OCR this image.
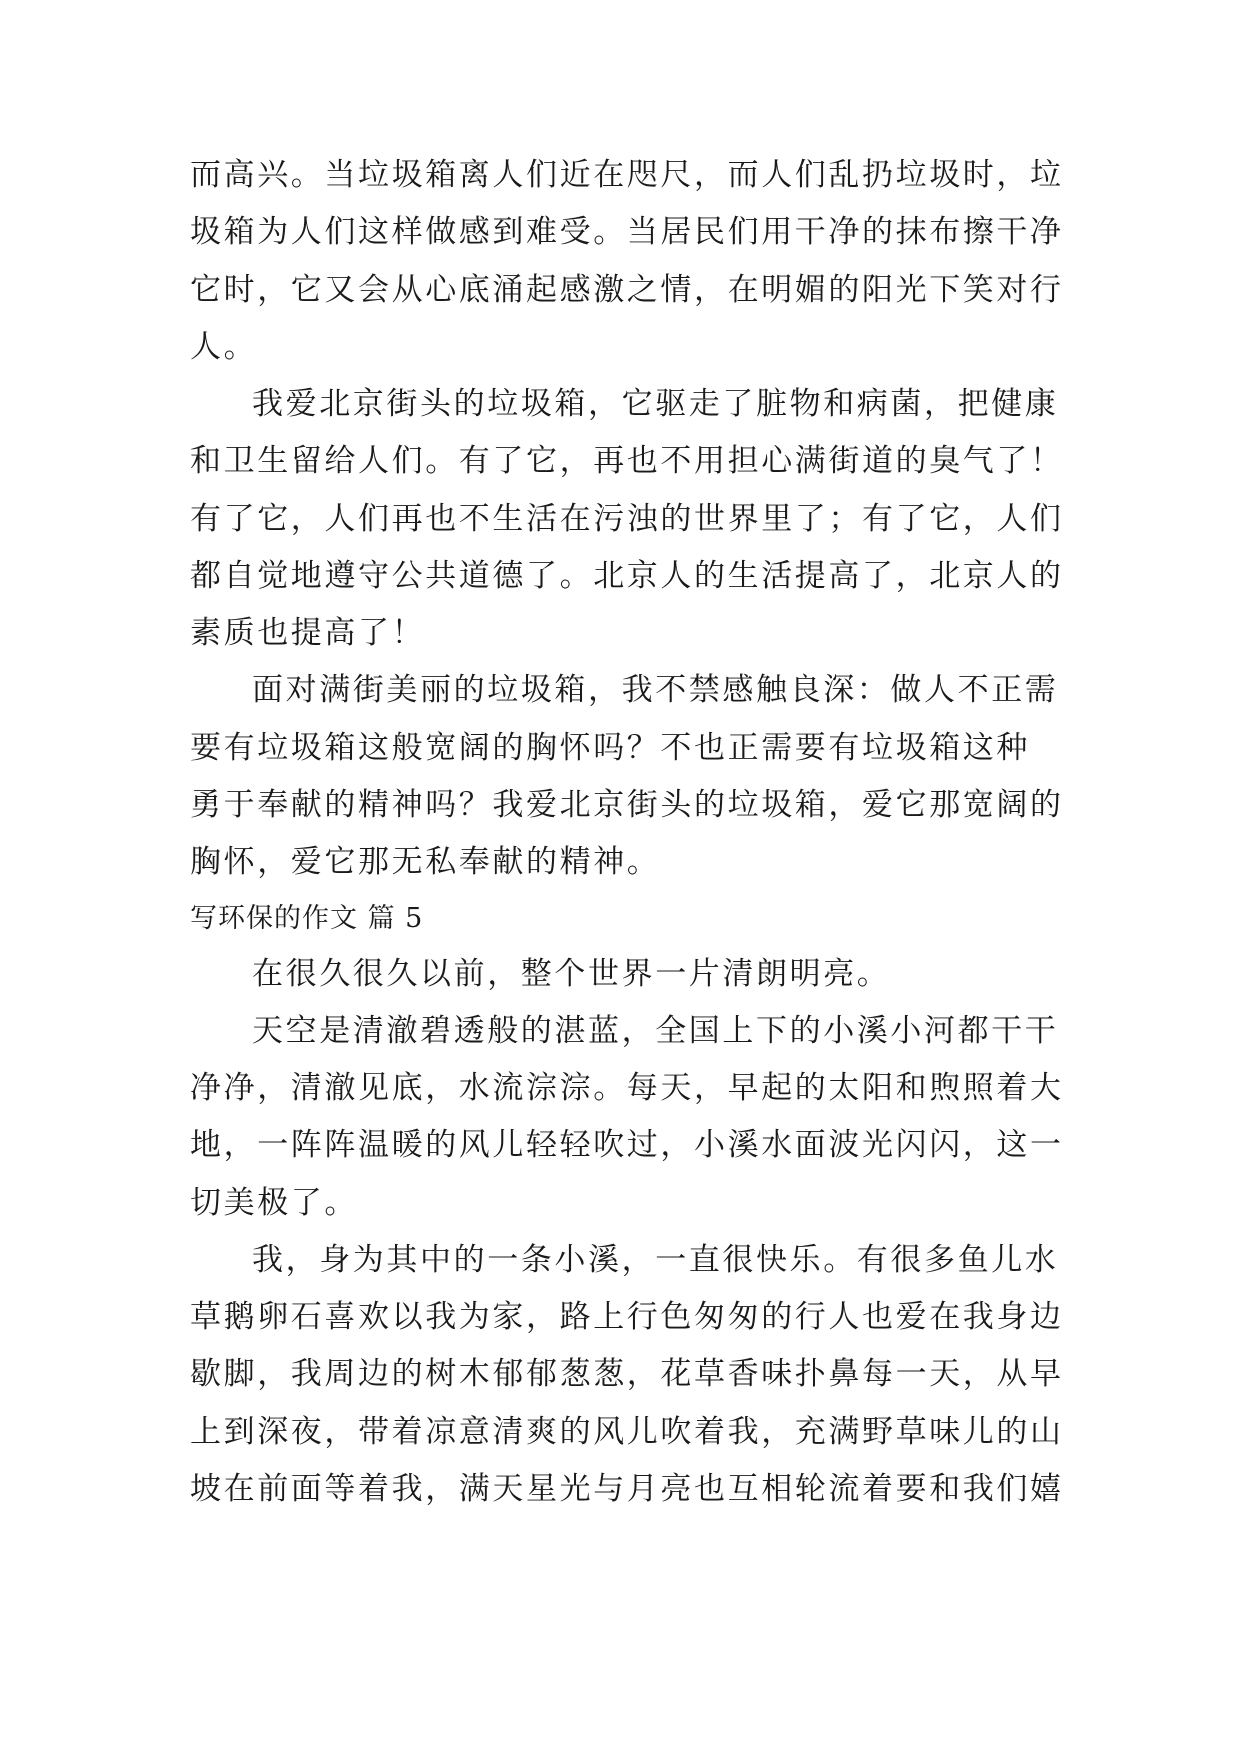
而高兴。当垃圾箱离人们近在咫尺，而人们乱扔垃圾时，垃
圾箱为人们这样做感到难受。当居民们用干净的抹布擦干净
它时，它又会从心底涌起感激之情，在明媚的阳光下笑对行
人。
我爱北京街头的垃圾箱，它驱走了脏物和病菌，把健康
和卫生留给人们。有了它，再也不用担心满街道的臭气了！
有了它，人们再也不生活在污浊的世界里了；有了它，人们
都自觉地遵守公共道德了。北京人的生活提高了，北京人的
素质也提高了！
面对满街美丽的垃圾箱，我不禁感触良深：做人不正需
要有垃圾箱这般宽阔的胸怀吗？不也正需要有垃圾箱这种
勇于奉献的精神吗？我爱北京街头的垃圾箱，爱它那宽阔的
胸怀，爱它那无私奉献的精神。
写环保的作文 篇 5
在很久很久以前，整个世界一片清朗明亮。
天空是清澈碧透般的湛蓝，全国上下的小溪小河都干干
净净，清澈见底，水流淙淙。每天，早起的太阳和煦照着大
地，一阵阵温暖的风儿轻轻吹过，小溪水面波光闪闪，这一
切美极了。
我，身为其中的一条小溪，一直很快乐。有很多鱼儿水
草鹅卵石喜欢以我为家，路上行色匆匆的行人也爱在我身边
歇脚，我周边的树木郁郁葱葱，花草香味扑鼻每一天，从早
上到深夜，带着凉意清爽的风儿吹着我，充满野草味儿的山
坡在前面等着我，满天星光与月亮也互相轮流着要和我们嬉
